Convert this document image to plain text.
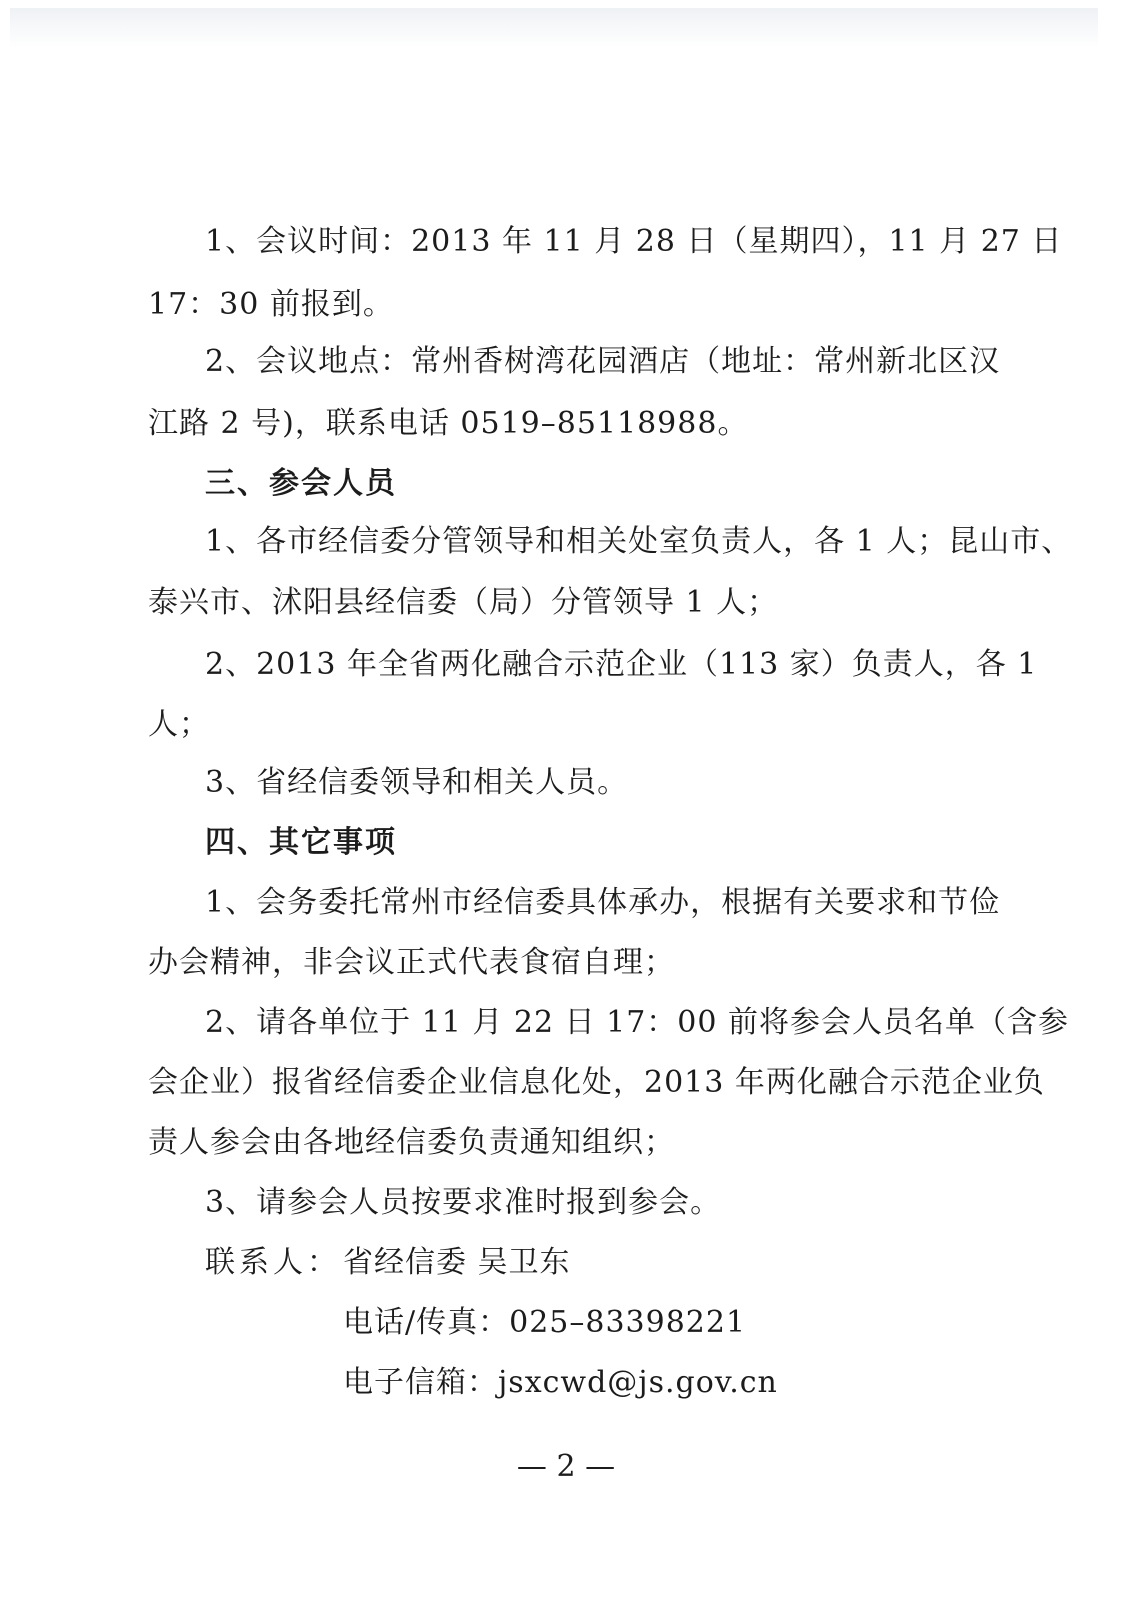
1、会议时间：2013 年 11 月 28 日（星期四），11 月 27 日
17：30 前报到。
2、会议地点：常州香树湾花园酒店（地址：常州新北区汉
江路 2 号)，联系电话 0519–85118988。
三、参会人员
1、各市经信委分管领导和相关处室负责人，各 1 人；昆山市、
泰兴市、沭阳县经信委（局）分管领导 1 人；
2、2013 年全省两化融合示范企业（113 家）负责人，各 1
人；
3、省经信委领导和相关人员。
四、其它事项
1、会务委托常州市经信委具体承办，根据有关要求和节俭
办会精神，非会议正式代表食宿自理；
2、请各单位于 11 月 22 日 17：00 前将参会人员名单（含参
会企业）报省经信委企业信息化处，2013 年两化融合示范企业负
责人参会由各地经信委负责通知组织；
3、请参会人员按要求准时报到参会。
联系人： 省经信委 吴卫东
电话/传真：025–83398221
电子信箱：jsxcwd@js.gov.cn
— 2 —
